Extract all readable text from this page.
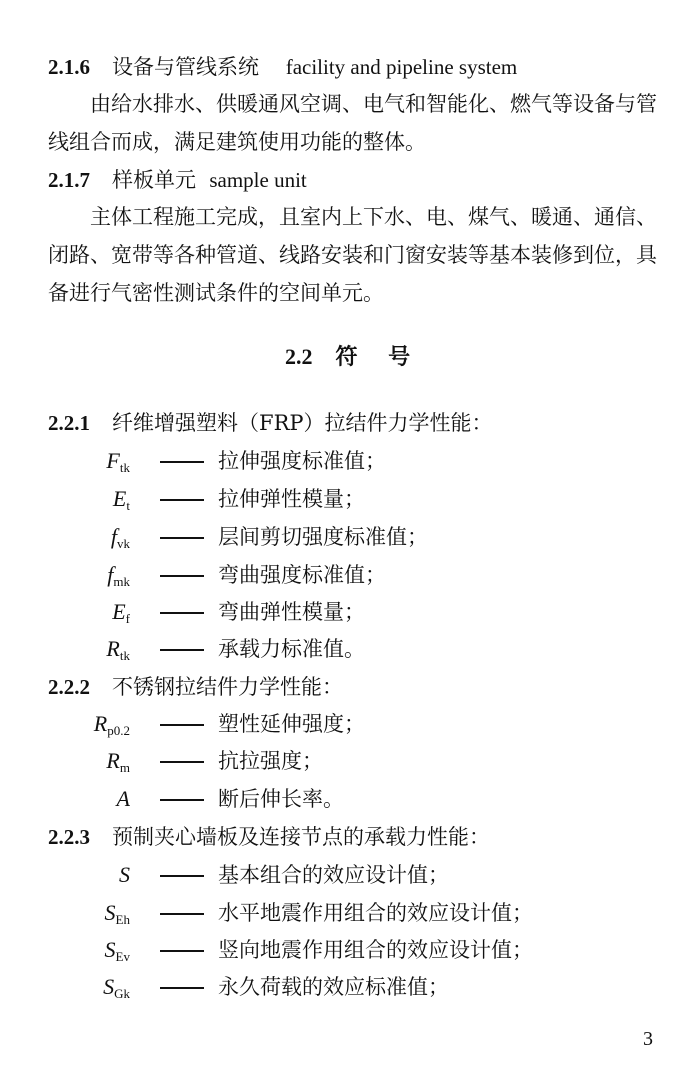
2.1.6 设备与管线系统 facility and pipeline system
由给水排水、供暖通风空调、电气和智能化、燃气等设备与管
线组合而成，满足建筑使用功能的整体。
2.1.7 样板单元 sample unit
主体工程施工完成，且室内上下水、电、煤气、暖通、通信、
闭路、宽带等各种管道、线路安装和门窗安装等基本装修到位，具
备进行气密性测试条件的空间单元。
2.2 符    号
2.2.1 纤维增强塑料（FRP）拉结件力学性能：
$F_{tk}$	拉伸强度标准值；
$E_t$	拉伸弹性模量；
$f_{vk}$	层间剪切强度标准值；
$f_{mk}$	弯曲强度标准值；
$E_f$	弯曲弹性模量；
$R_{tk}$	承载力标准值。
2.2.2 不锈钢拉结件力学性能：
$R_{p0.2}$	塑性延伸强度；
$R_m$	抗拉强度；
A	断后伸长率。
2.2.3 预制夹心墙板及连接节点的承载力性能：
S	基本组合的效应设计值；
$S_{Eh}$	水平地震作用组合的效应设计值；
$S_{Ev}$	竖向地震作用组合的效应设计值；
$S_{Gk}$	永久荷载的效应标准值；
3
